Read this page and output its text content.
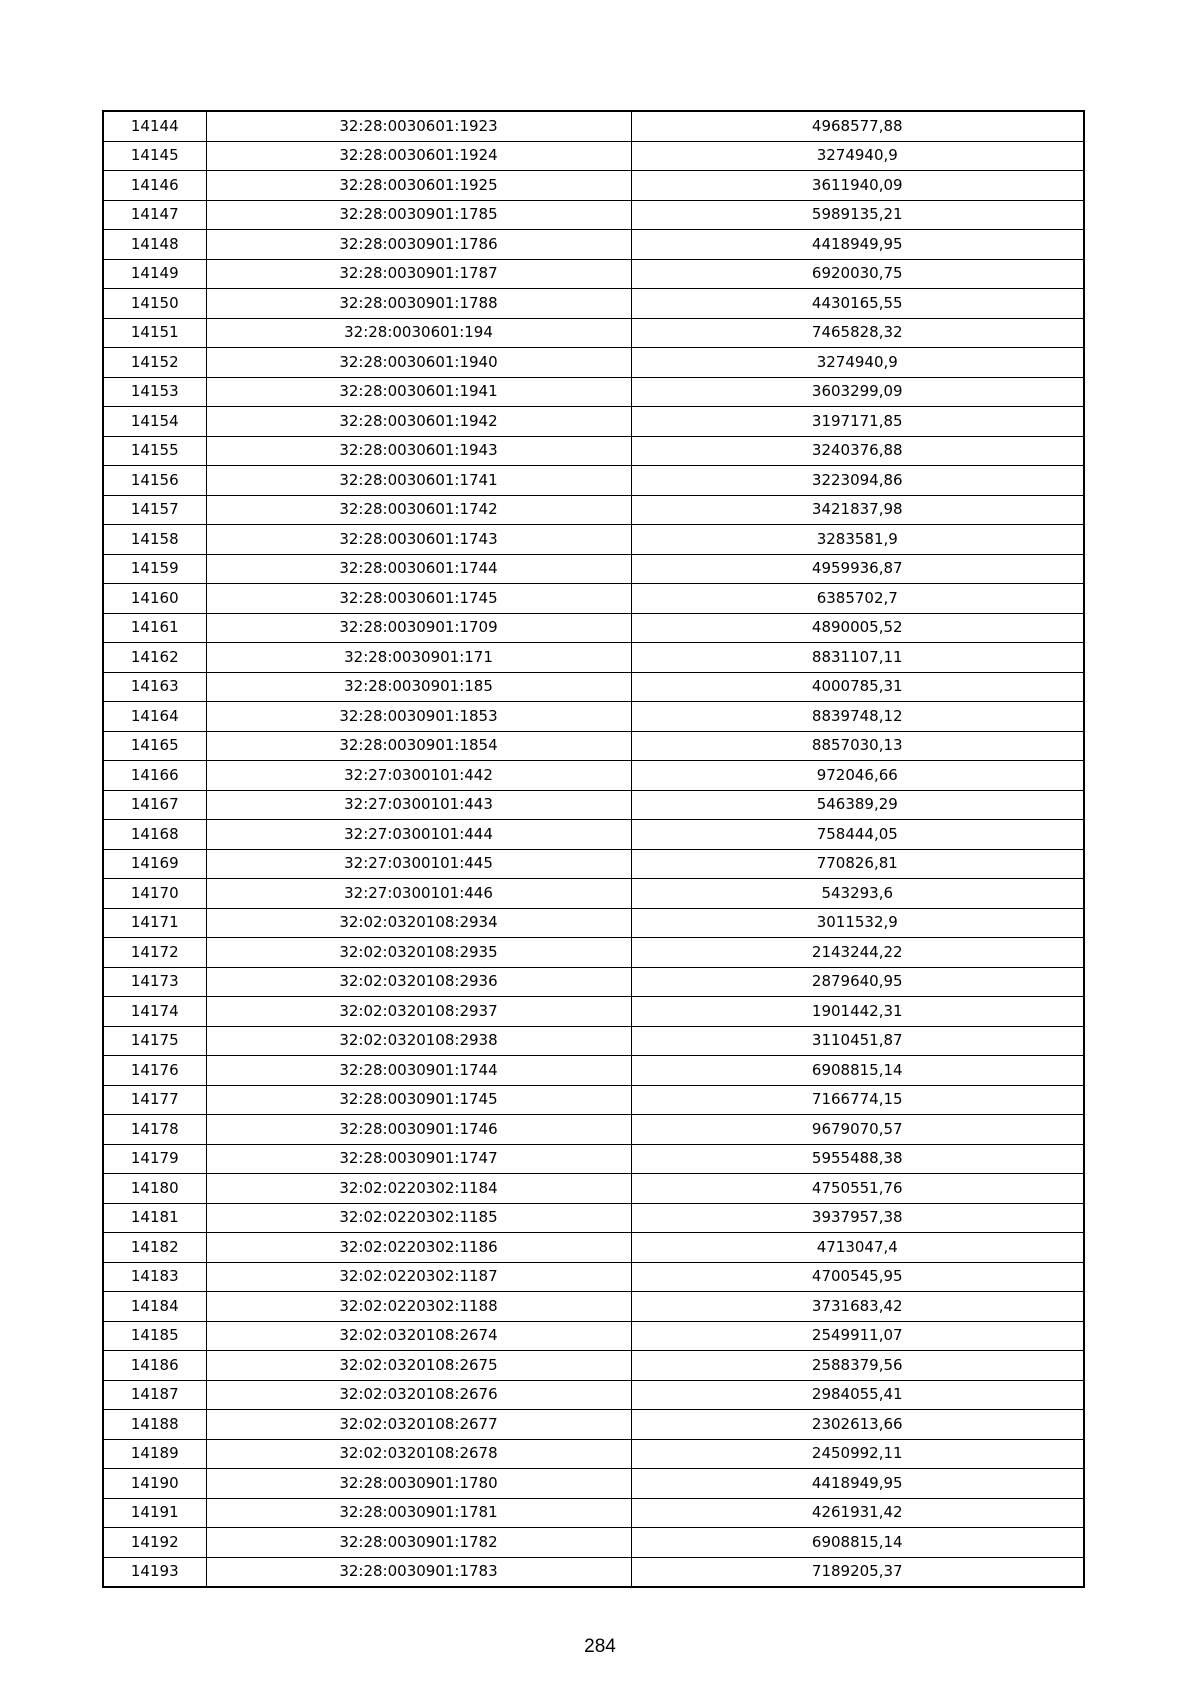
14144	32:28:0030601:1923	4968577,88
14145	32:28:0030601:1924	3274940,9
14146	32:28:0030601:1925	3611940,09
14147	32:28:0030901:1785	5989135,21
14148	32:28:0030901:1786	4418949,95
14149	32:28:0030901:1787	6920030,75
14150	32:28:0030901:1788	4430165,55
14151	32:28:0030601:194	7465828,32
14152	32:28:0030601:1940	3274940,9
14153	32:28:0030601:1941	3603299,09
14154	32:28:0030601:1942	3197171,85
14155	32:28:0030601:1943	3240376,88
14156	32:28:0030601:1741	3223094,86
14157	32:28:0030601:1742	3421837,98
14158	32:28:0030601:1743	3283581,9
14159	32:28:0030601:1744	4959936,87
14160	32:28:0030601:1745	6385702,7
14161	32:28:0030901:1709	4890005,52
14162	32:28:0030901:171	8831107,11
14163	32:28:0030901:185	4000785,31
14164	32:28:0030901:1853	8839748,12
14165	32:28:0030901:1854	8857030,13
14166	32:27:0300101:442	972046,66
14167	32:27:0300101:443	546389,29
14168	32:27:0300101:444	758444,05
14169	32:27:0300101:445	770826,81
14170	32:27:0300101:446	543293,6
14171	32:02:0320108:2934	3011532,9
14172	32:02:0320108:2935	2143244,22
14173	32:02:0320108:2936	2879640,95
14174	32:02:0320108:2937	1901442,31
14175	32:02:0320108:2938	3110451,87
14176	32:28:0030901:1744	6908815,14
14177	32:28:0030901:1745	7166774,15
14178	32:28:0030901:1746	9679070,57
14179	32:28:0030901:1747	5955488,38
14180	32:02:0220302:1184	4750551,76
14181	32:02:0220302:1185	3937957,38
14182	32:02:0220302:1186	4713047,4
14183	32:02:0220302:1187	4700545,95
14184	32:02:0220302:1188	3731683,42
14185	32:02:0320108:2674	2549911,07
14186	32:02:0320108:2675	2588379,56
14187	32:02:0320108:2676	2984055,41
14188	32:02:0320108:2677	2302613,66
14189	32:02:0320108:2678	2450992,11
14190	32:28:0030901:1780	4418949,95
14191	32:28:0030901:1781	4261931,42
14192	32:28:0030901:1782	6908815,14
14193	32:28:0030901:1783	7189205,37
284
